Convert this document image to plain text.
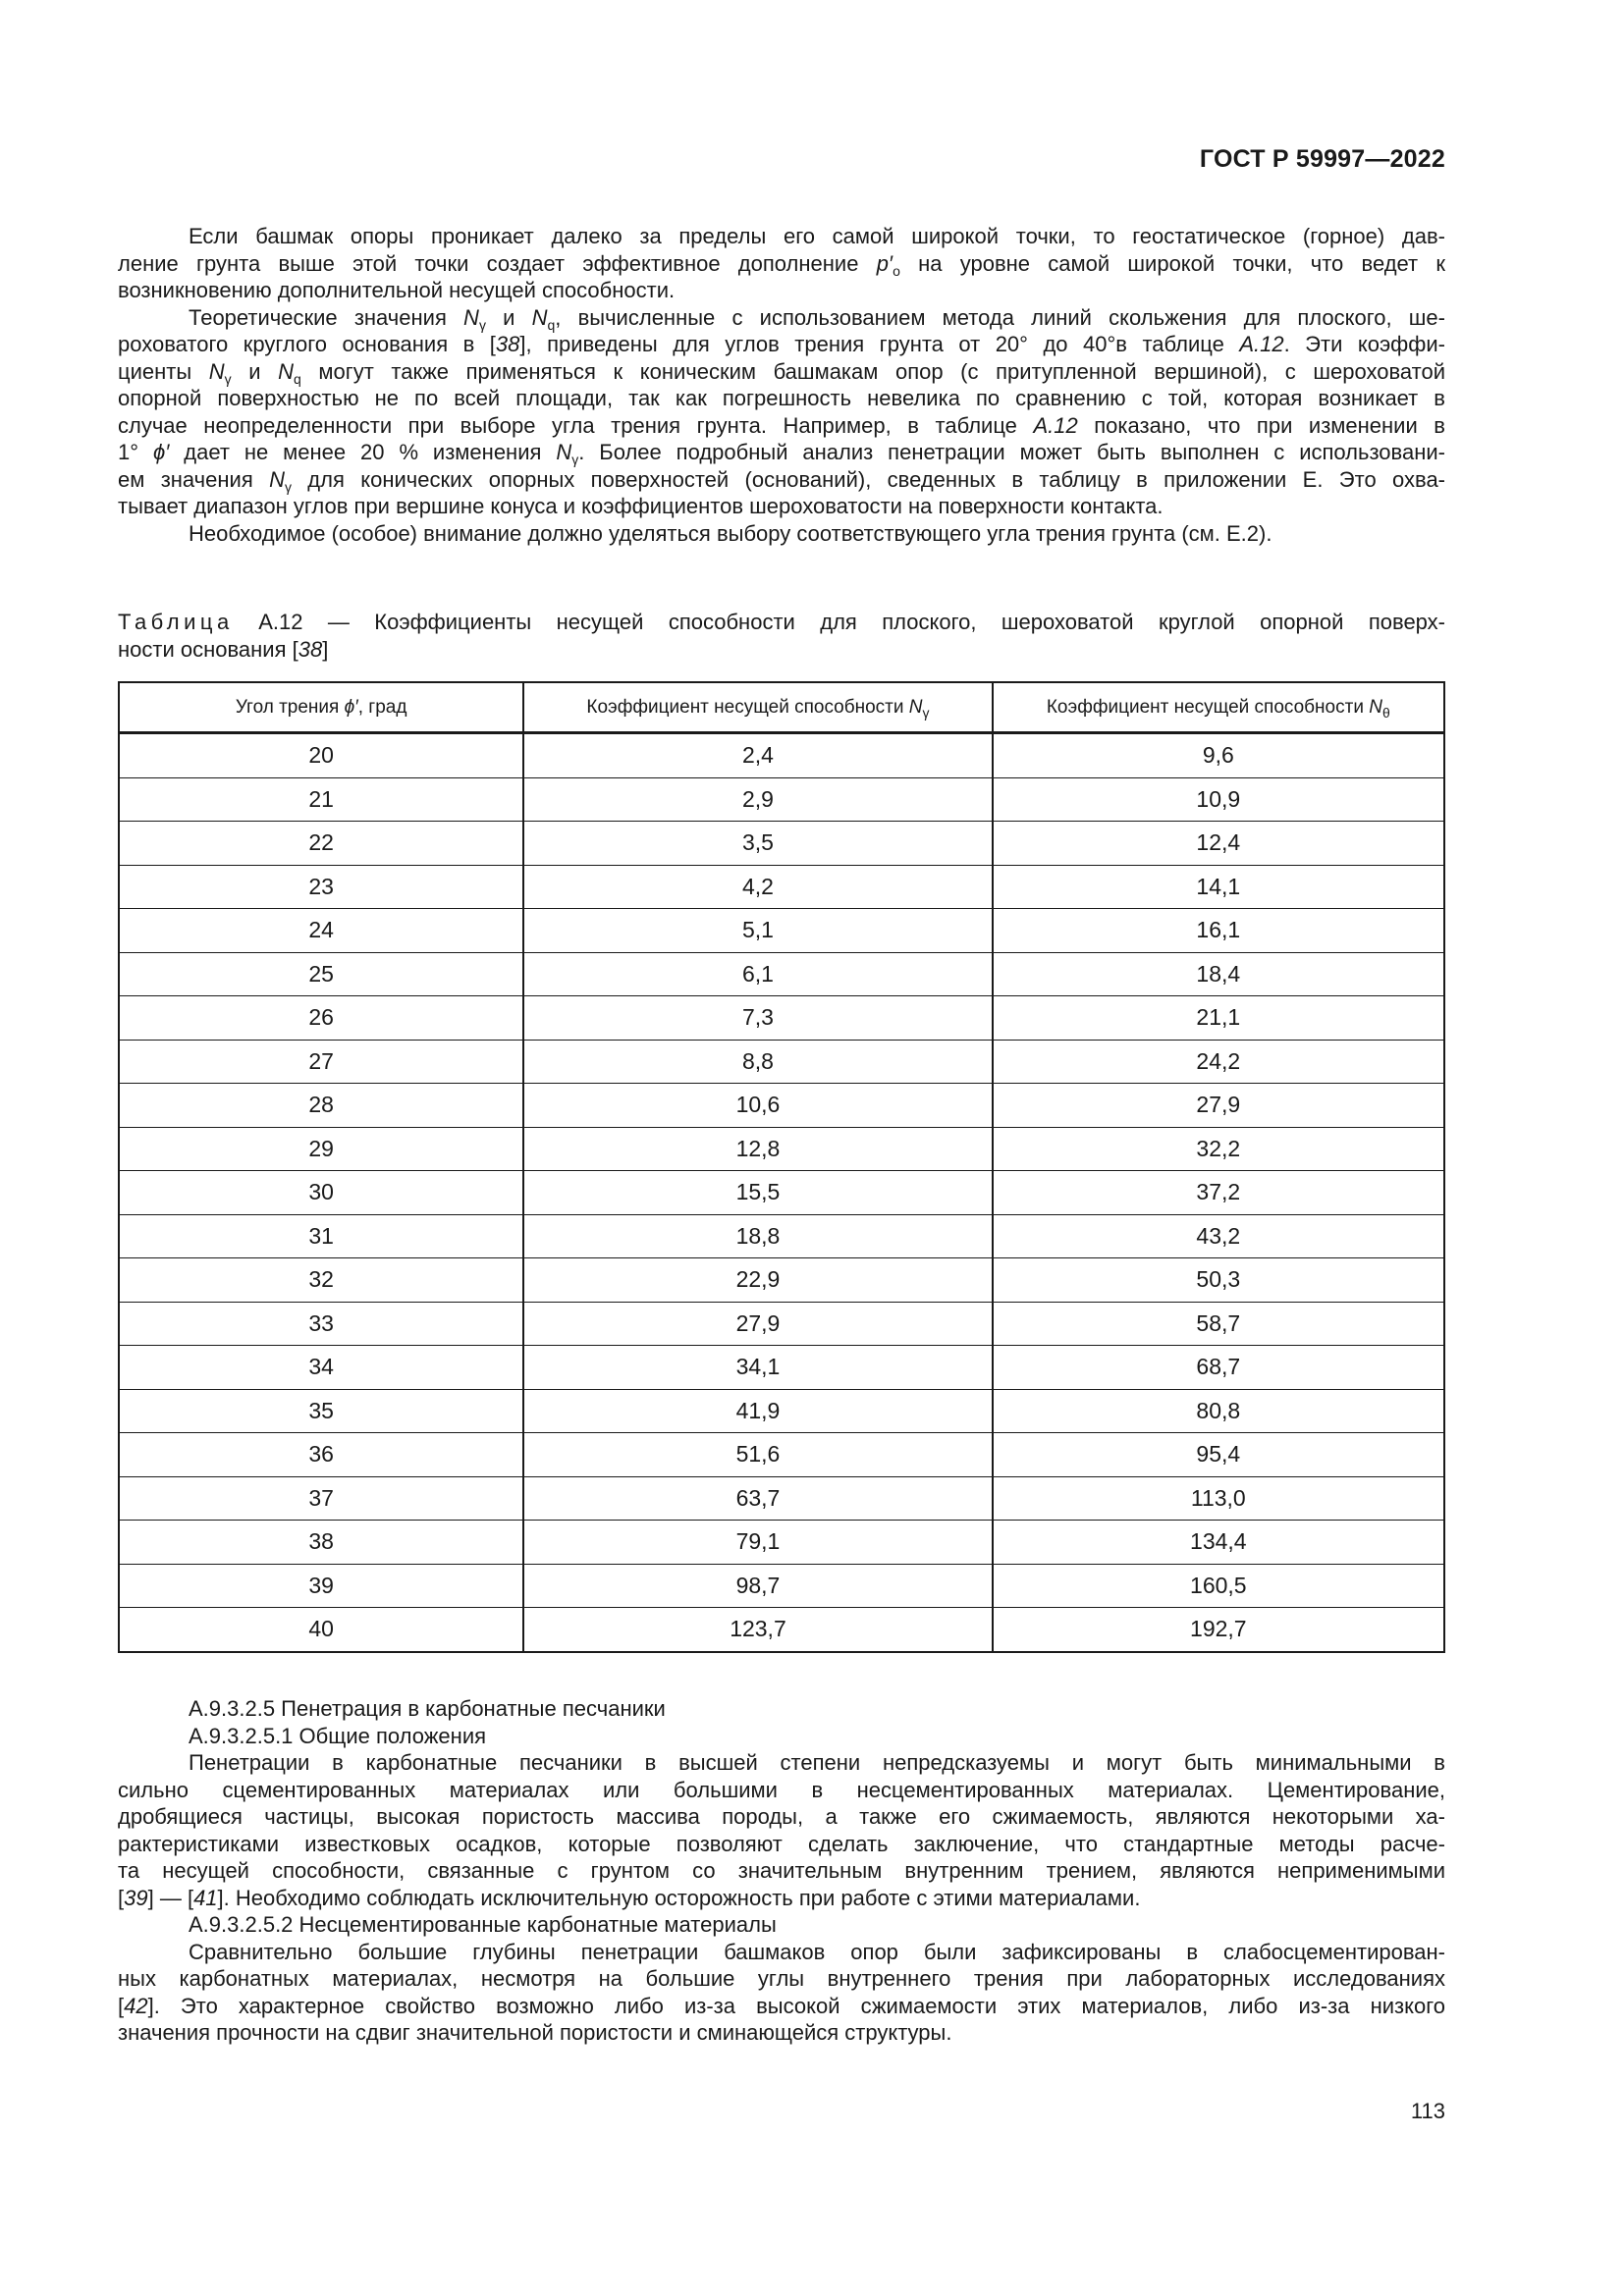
ГОСТ Р 59997—2022
Если башмак опоры проникает далеко за пределы его самой широкой точки, то геостатическое (горное) дав-
ление грунта выше этой точки создает эффективное дополнение $p'_o$ на уровне самой широкой точки, что ведет к
возникновению дополнительной несущей способности.
Теоретические значения $N_\gamma$ и $N_q$, вычисленные с использованием метода линий скольжения для плоского, ше-
роховатого круглого основания в [38], приведены для углов трения грунта от 20° до 40°в таблице A.12. Эти коэффи-
циенты $N_\gamma$ и $N_q$ могут также применяться к коническим башмакам опор (с притупленной вершиной), с шероховатой
опорной поверхностью не по всей площади, так как погрешность невелика по сравнению с той, которая возникает в
случае неопределенности при выборе угла трения грунта. Например, в таблице A.12 показано, что при изменении в
1° ϕ′ дает не менее 20 % изменения $N_\gamma$. Более подробный анализ пенетрации может быть выполнен с использовани-
ем значения $N_\gamma$ для конических опорных поверхностей (оснований), сведенных в таблицу в приложении Е. Это охва-
тывает диапазон углов при вершине конуса и коэффициентов шероховатости на поверхности контакта.
Необходимое (особое) внимание должно уделяться выбору соответствующего угла трения грунта (см. Е.2).
Таблица А.12 — Коэффициенты несущей способности для плоского, шероховатой круглой опорной поверх-
ности основания [38]
Угол трения ϕ′, град	Коэффициент несущей способности $N_\gamma$	Коэффициент несущей способности $N_\theta$
20	2,4	9,6
21	2,9	10,9
22	3,5	12,4
23	4,2	14,1
24	5,1	16,1
25	6,1	18,4
26	7,3	21,1
27	8,8	24,2
28	10,6	27,9
29	12,8	32,2
30	15,5	37,2
31	18,8	43,2
32	22,9	50,3
33	27,9	58,7
34	34,1	68,7
35	41,9	80,8
36	51,6	95,4
37	63,7	113,0
38	79,1	134,4
39	98,7	160,5
40	123,7	192,7
А.9.3.2.5 Пенетрация в карбонатные песчаники
А.9.3.2.5.1 Общие положения
Пенетрации в карбонатные песчаники в высшей степени непредсказуемы и могут быть минимальными в
сильно сцементированных материалах или большими в несцементированных материалах. Цементирование,
дробящиеся частицы, высокая пористость массива породы, а также его сжимаемость, являются некоторыми ха-
рактеристиками известковых осадков, которые позволяют сделать заключение, что стандартные методы расче-
та несущей способности, связанные с грунтом со значительным внутренним трением, являются неприменимыми
[39] — [41]. Необходимо соблюдать исключительную осторожность при работе с этими материалами.
А.9.3.2.5.2 Несцементированные карбонатные материалы
Сравнительно большие глубины пенетрации башмаков опор были зафиксированы в слабосцементирован-
ных карбонатных материалах, несмотря на большие углы внутреннего трения при лабораторных исследованиях
[42]. Это характерное свойство возможно либо из-за высокой сжимаемости этих материалов, либо из-за низкого
значения прочности на сдвиг значительной пористости и сминающейся структуры.
113
